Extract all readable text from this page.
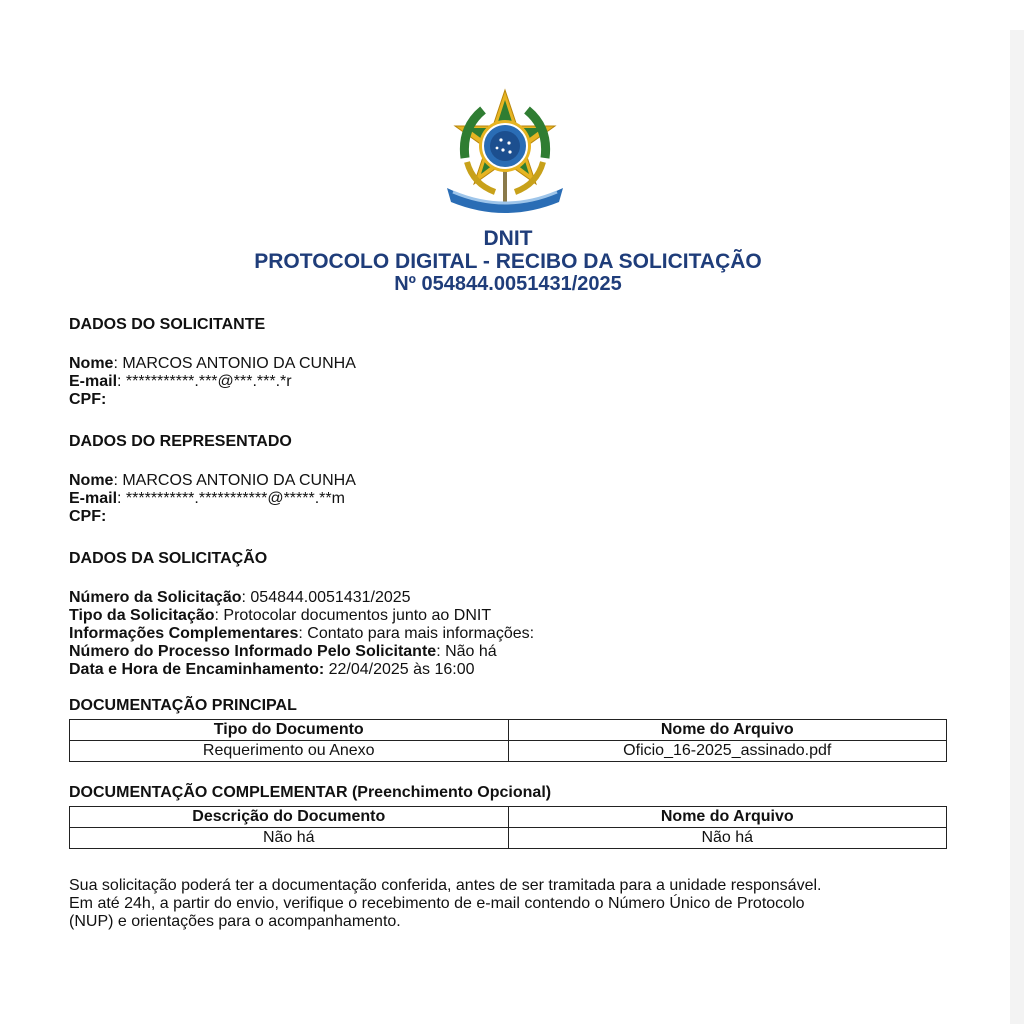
DNIT
PROTOCOLO DIGITAL - RECIBO DA SOLICITAÇÃO
Nº 054844.0051431/2025
DADOS DO SOLICITANTE
Nome: MARCOS ANTONIO DA CUNHA
E-mail: ***********.***@***.***.*r
CPF:
DADOS DO REPRESENTADO
Nome: MARCOS ANTONIO DA CUNHA
E-mail: ***********.***********@*****.**m
CPF:
DADOS DA SOLICITAÇÃO
Número da Solicitação: 054844.0051431/2025
Tipo da Solicitação: Protocolar documentos junto ao DNIT
Informações Complementares: Contato para mais informações:
Número do Processo Informado Pelo Solicitante: Não há
Data e Hora de Encaminhamento: 22/04/2025 às 16:00
DOCUMENTAÇÃO PRINCIPAL
Tipo do Documento	Nome do Arquivo
Requerimento ou Anexo	Oficio_16-2025_assinado.pdf
DOCUMENTAÇÃO COMPLEMENTAR (Preenchimento Opcional)
Descrição do Documento	Nome do Arquivo
Não há	Não há
Sua solicitação poderá ter a documentação conferida, antes de ser tramitada para a unidade responsável.
Em até 24h, a partir do envio, verifique o recebimento de e-mail contendo o Número Único de Protocolo
(NUP) e orientações para o acompanhamento.
